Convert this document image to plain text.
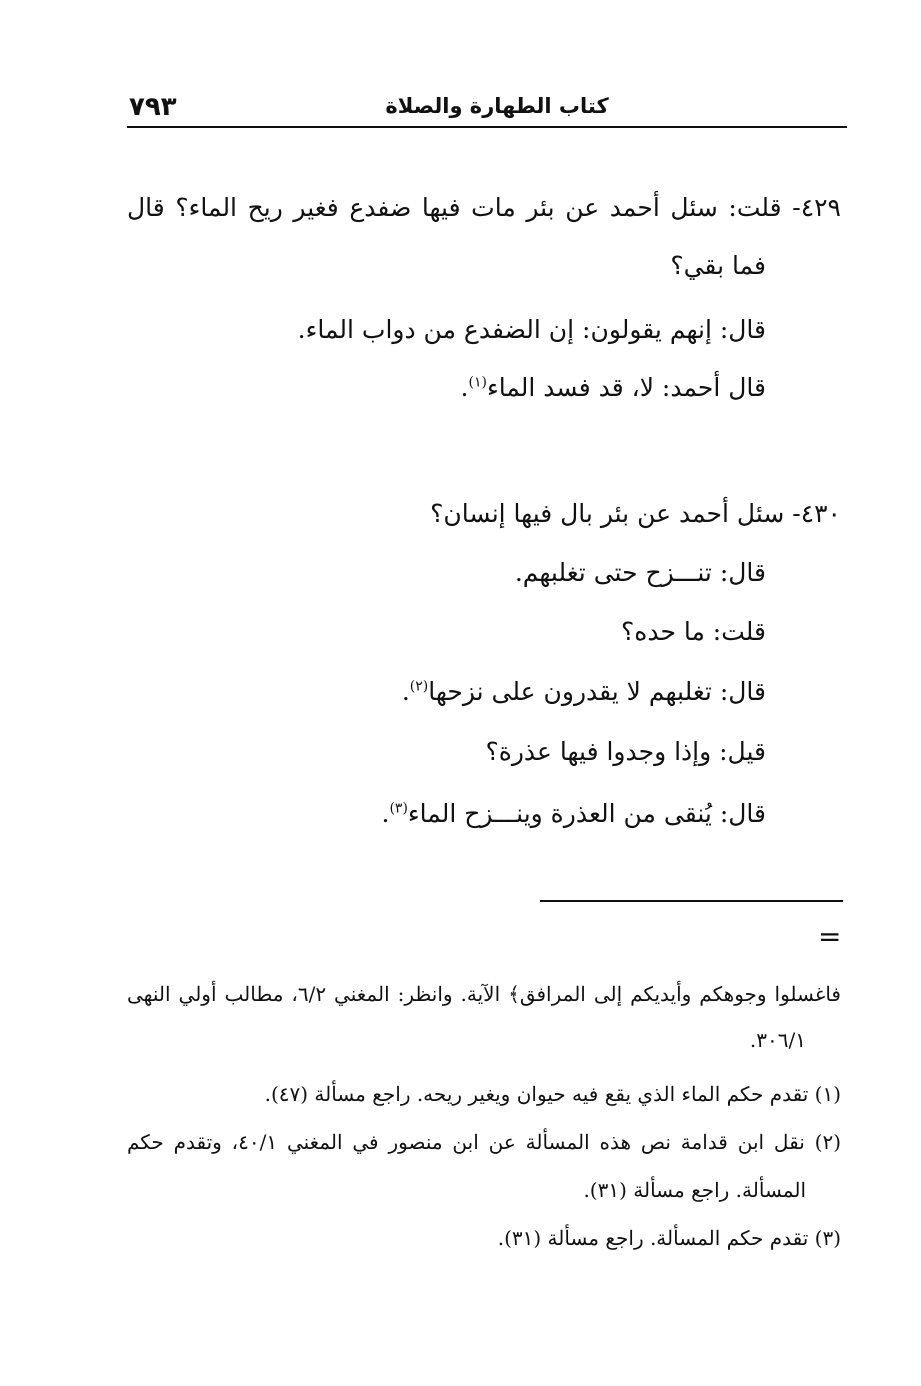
٧٩٣	كتاب الطهارة والصلاة
٤٢٩- قلت: سئل أحمد عن بئر مات فيها ضفدع فغير ريح الماء؟ قال
فما بقي؟
قال: إنهم يقولون: إن الضفدع من دواب الماء.
قال أحمد: لا، قد فسد الماء$^{(١)}$.
٤٣٠- سئل أحمد عن بئر بال فيها إنسان؟
قال: تنـــزح حتى تغلبهم.
قلت: ما حده؟
قال: تغلبهم لا يقدرون على نزحها$^{(٢)}$.
قيل: وإذا وجدوا فيها عذرة؟
قال: يُنقى من العذرة وينـــزح الماء$^{(٣)}$.
=
فاغسلوا وجوهكم وأيديكم إلى المرافق﴾ الآية. وانظر: المغني ٦/٢، مطالب أولي النهى
٣٠٦/١.
(١) تقدم حكم الماء الذي يقع فيه حيوان ويغير ريحه. راجع مسألة (٤٧).
(٢) نقل ابن قدامة نص هذه المسألة عن ابن منصور في المغني ٤٠/١، وتقدم حكم
المسألة. راجع مسألة (٣١).
(٣) تقدم حكم المسألة. راجع مسألة (٣١).
